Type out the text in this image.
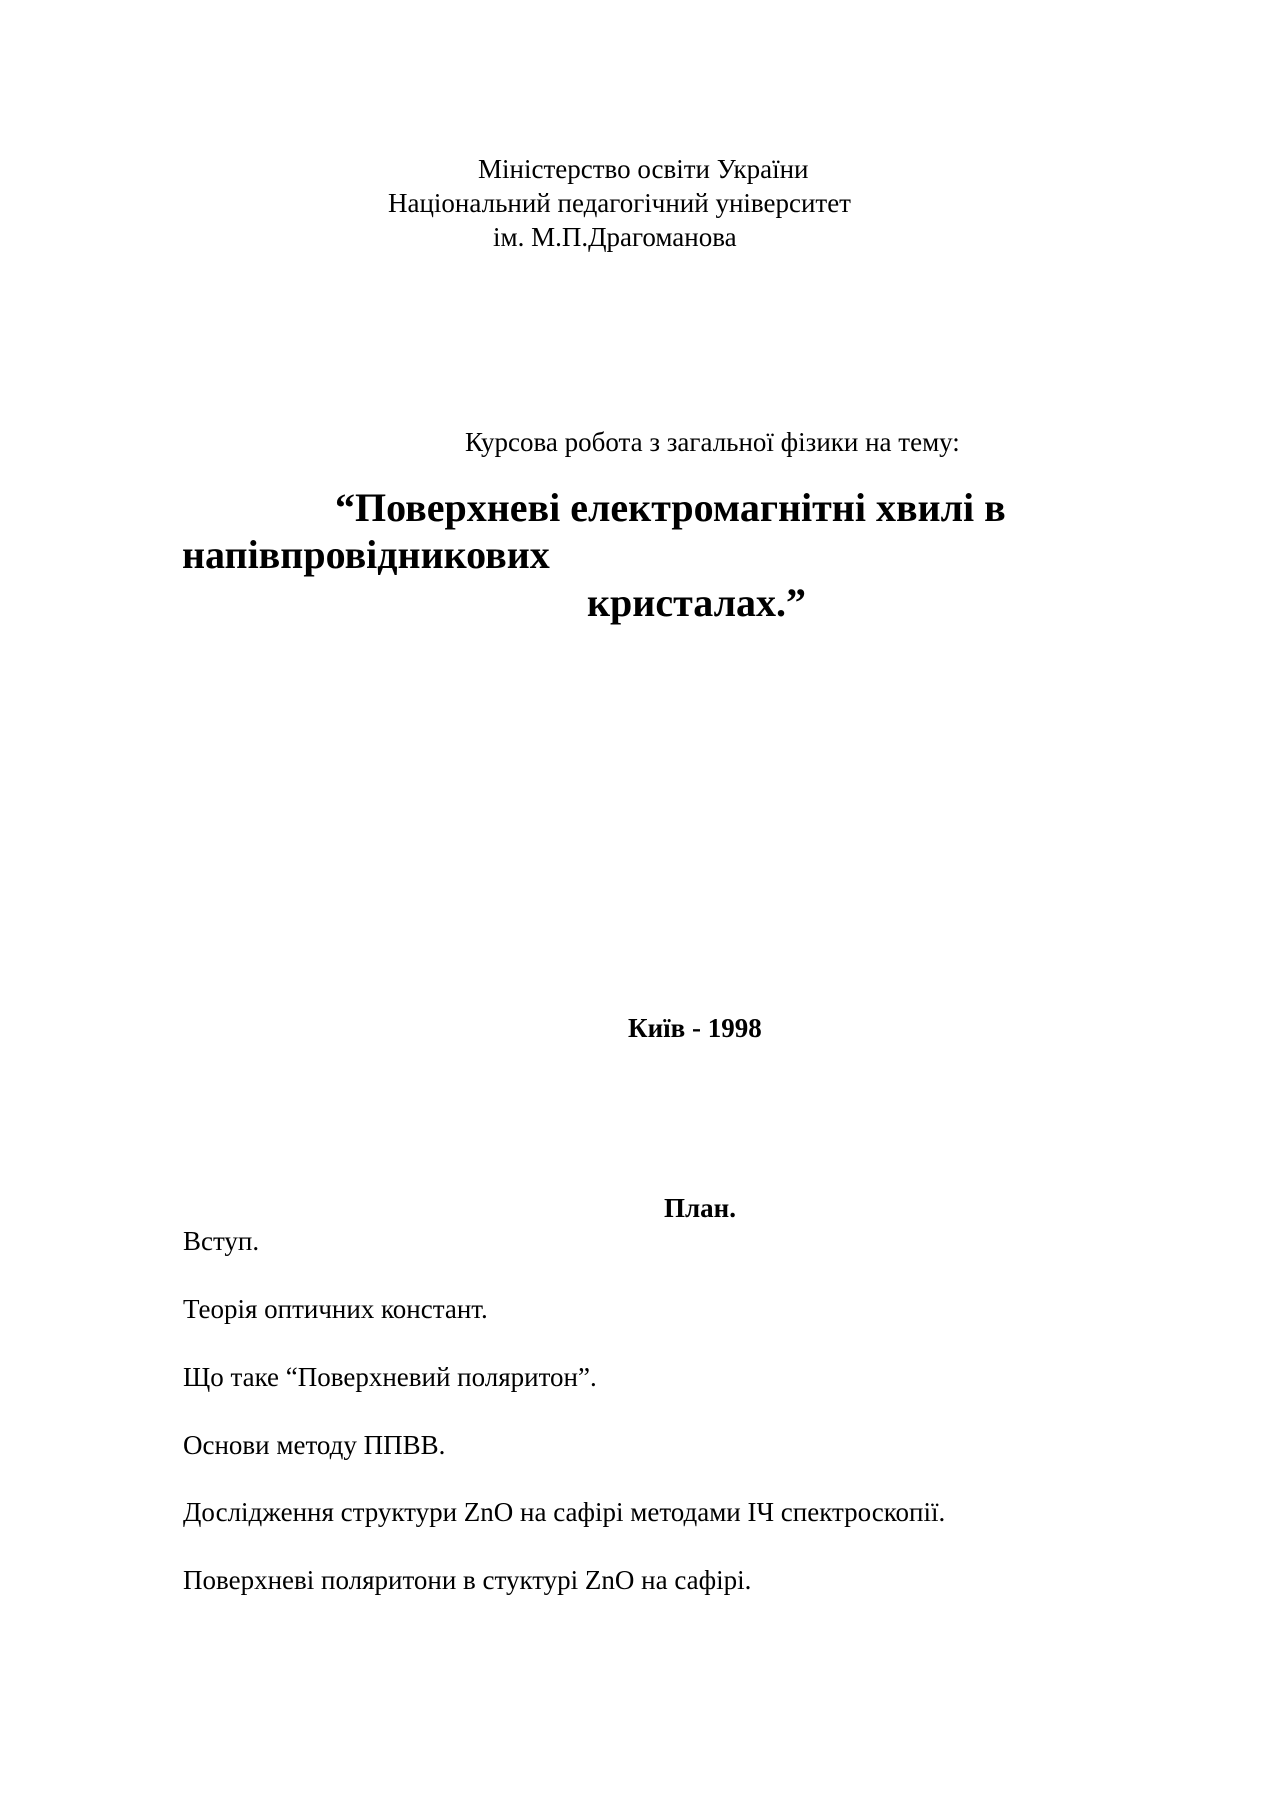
Міністерство освіти України
Національний педагогічний університет
ім. М.П.Драгоманова
Курсова робота з загальної фізики на тему:
“Поверхневі електромагнітні хвилі в
напівпровідникових
кристалах.”
Київ - 1998
План.
Вступ.
Теорія оптичних констант.
Що таке “Поверхневий поляритон”.
Основи методу ППВВ.
Дослідження структури ZnO на сафірі методами ІЧ спектроскопії.
Поверхневі поляритони в стуктурі ZnO на сафірі.
